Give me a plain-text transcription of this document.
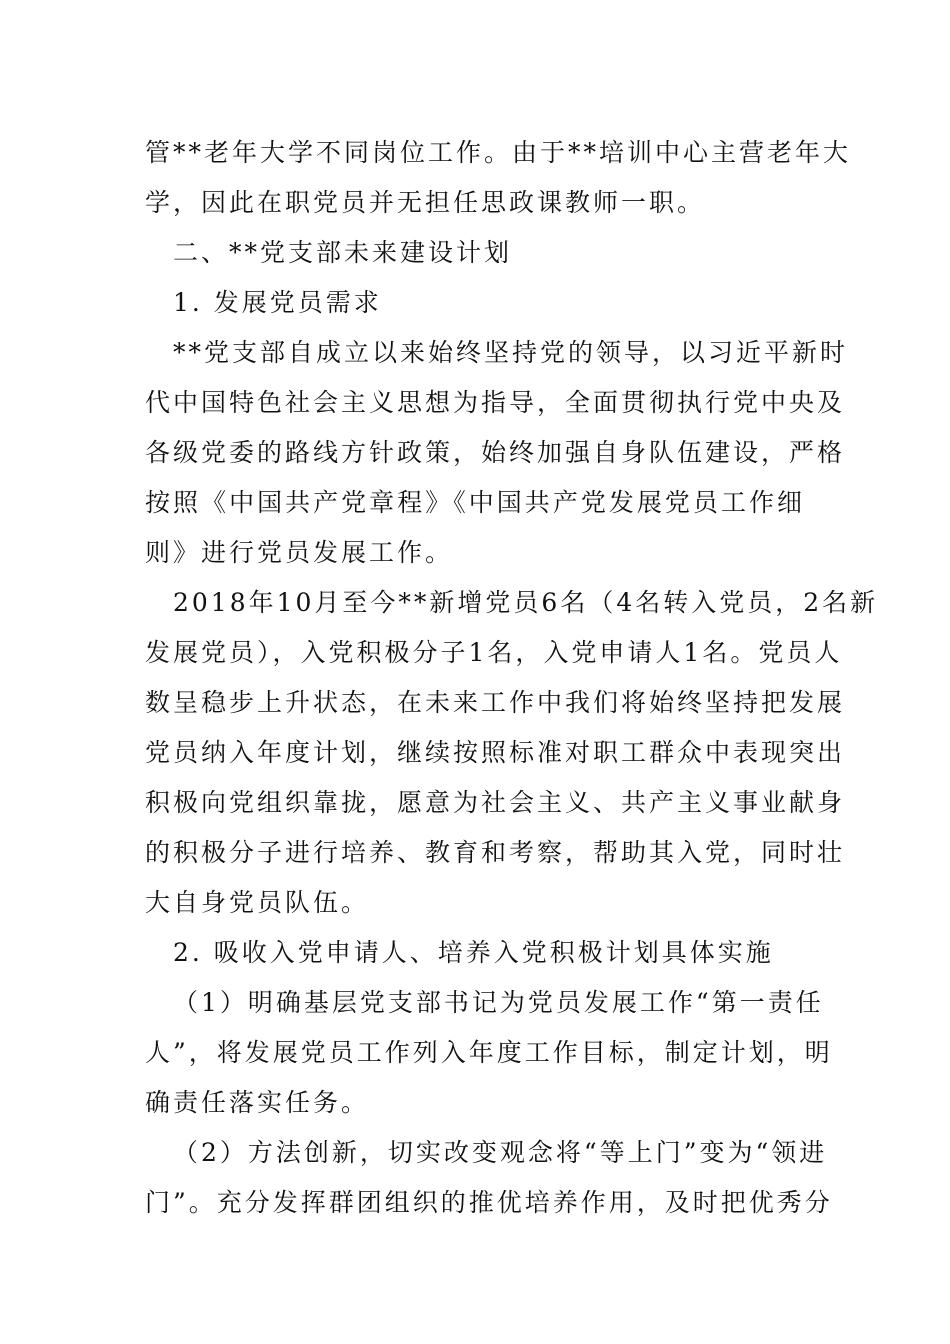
管**老年大学不同岗位工作。由于**培训中心主营老年大
学，因此在职党员并无担任思政课教师一职。
二、**党支部未来建设计划
1. 发展党员需求
**党支部自成立以来始终坚持党的领导，以习近平新时
代中国特色社会主义思想为指导，全面贯彻执行党中央及
各级党委的路线方针政策，始终加强自身队伍建设，严格
按照《中国共产党章程》《中国共产党发展党员工作细
则》进行党员发展工作。
2018年10月至今**新增党员6名（4名转入党员，2名新
发展党员），入党积极分子1名，入党申请人1名。党员人
数呈稳步上升状态，在未来工作中我们将始终坚持把发展
党员纳入年度计划，继续按照标准对职工群众中表现突出
积极向党组织靠拢，愿意为社会主义、共产主义事业献身
的积极分子进行培养、教育和考察，帮助其入党，同时壮
大自身党员队伍。
2. 吸收入党申请人、培养入党积极计划具体实施
（1）明确基层党支部书记为党员发展工作“第一责任
人”，将发展党员工作列入年度工作目标，制定计划，明
确责任落实任务。
（2）方法创新，切实改变观念将“等上门”变为“领进
门”。充分发挥群团组织的推优培养作用，及时把优秀分
